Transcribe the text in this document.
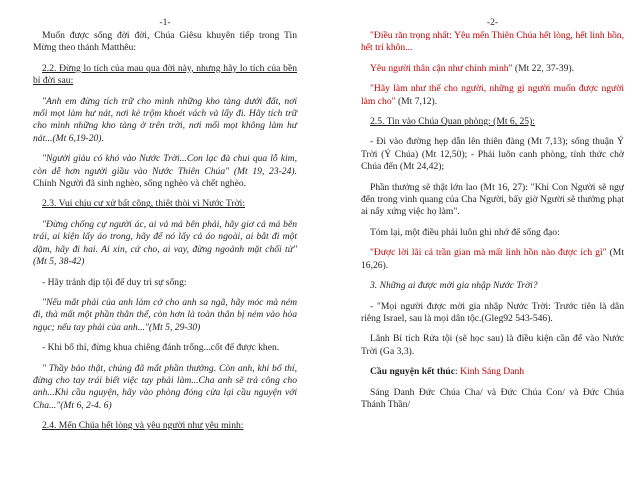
-1-

Muốn được sống đời đời, Chúa Giêsu khuyên tiếp trong Tin Mừng theo thánh Matthêu:

2.2. Đừng lo tích của mau qua đời này, nhưng hãy lo tích của bền bỉ đời sau:

"Anh em đừng tích trữ cho mình những kho tàng dưới đất, nơi mối mọt làm hư nát, nơi kẻ trộm khoét vách và lấy đi. Hãy tích trữ cho mình những kho tàng ở trên trời, nơi mối mọt không làm hư nát...(Mt 6,19-20).

"Người giàu có khó vào Nước Trời...Con lạc đà chui qua lỗ kim, còn dễ hơn người giầu vào Nước Thiên Chúa" (Mt 19, 23-24). Chính Người đã sinh nghèo, sống nghèo và chết nghèo.

2.3. Vui chịu cư xử bất công, thiệt thòi vì Nước Trời:

"Đừng chống cự người ác, ai vả má bên phải, hãy giơ cả má bên trái, ai kiện lấy áo trong, hãy để nó lấy cả áo ngoài, ai bắt đi một dặm, hãy đi hai. Ai xin, cứ cho, ai vay, đừng ngoảnh mặt chối từ"(Mt 5, 38-42)

- Hãy tránh dịp tội để duy trì sự sống:

"Nếu mắt phải của anh làm cớ cho anh sa ngã, hãy móc mà ném đi, thà mất một phần thân thể, còn hơn là toàn thân bị ném vào hỏa ngục; nếu tay phải của anh..."(Mt 5, 29-30)

- Khi bố thí, đừng khua chiêng đánh trống...cốt để được khen.

" Thầy bảo thật, chúng đã mất phần thưởng. Còn anh, khi bố thí, đừng cho tay trái biết việc tay phải làm...Cha anh sẽ trả công cho anh...Khi cầu nguyện, hãy vào phòng đóng cửa lại cầu nguyện với Cha..."(Mt 6, 2-4. 6)

2.4. Mến Chúa hết lòng và yêu người như yêu mình:

-2-

"Điều răn trọng nhất: Yêu mến Thiên Chúa hết lòng, hết linh hồn, hết trí khôn...

Yêu người thân cận như chính mình" (Mt 22, 37-39).

"Hãy làm như thế cho người, những gì người muốn được người làm cho" (Mt 7,12).

2.5. Tin vào Chúa Quan phòng: (Mt 6, 25):

- Đi vào đường hẹp dẫn lên thiên đàng (Mt 7,13); sống thuận Ý Trời (Ý Chúa) (Mt 12,50); - Phải luôn canh phòng, tỉnh thức chờ Chúa đến (Mt 24,42);

Phần thưởng sẽ thật lớn lao (Mt 16, 27): "Khi Con Người sẽ ngự đến trong vinh quang của Cha Người, bấy giờ Người sẽ thưởng phạt ai nấy xứng việc họ làm".

Tóm lại, một điều phải luôn ghi nhớ để sống đạo:

"Được lời lãi cả trần gian mà mất linh hồn nào được ích gì" (Mt 16,26).

3. Những ai được mời gia nhập Nước Trời?

- "Mọi người được mời gia nhập Nước Trời: Trước tiên là dân riêng Israel, sau là mọi dân tộc.(Gleg92 543-546).

Lãnh Bí tích Rửa tội (sẽ học sau) là điều kiện cần để vào Nước Trời (Ga 3,3).

Cầu nguyện kết thúc: Kinh Sáng Danh

Sáng Danh Đức Chúa Cha/ và Đức Chúa Con/ và Đức Chúa Thánh Thần/
